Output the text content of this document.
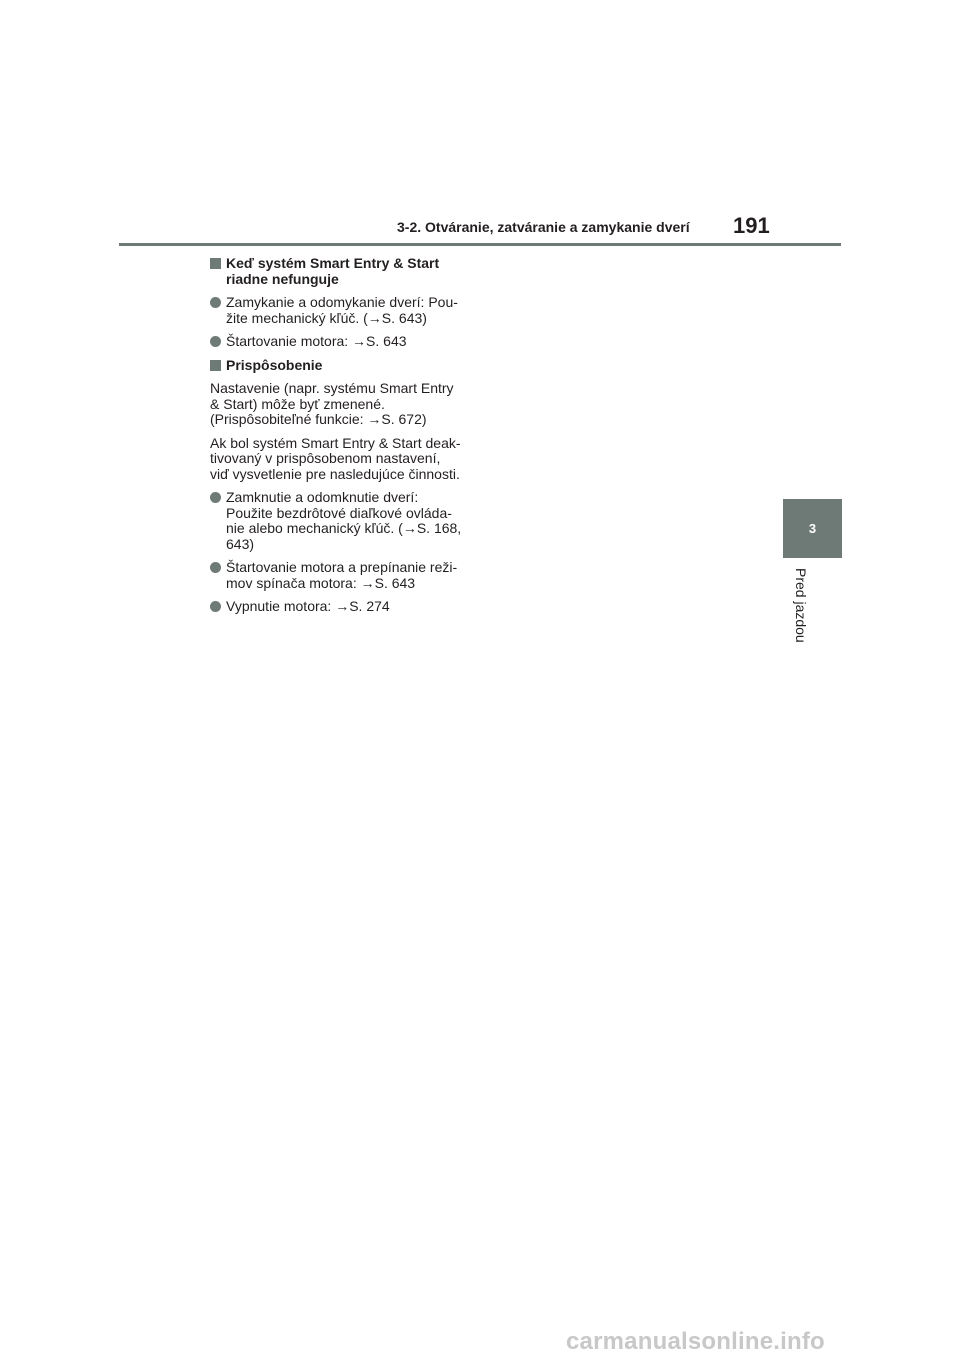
3-2. Otváranie, zatváranie a zamykanie dverí 191
3
Pred jazdou
Keď systém Smart Entry & Start
riadne nefunguje
Zamykanie a odomykanie dverí: Pou-
žite mechanický kľúč. (→S. 643)
Štartovanie motora: →S. 643
Prispôsobenie
Nastavenie (napr. systému Smart Entry
& Start) môže byť zmenené.
(Prispôsobiteľné funkcie: →S. 672)
Ak bol systém Smart Entry & Start deak-
tivovaný v prispôsobenom nastavení,
viď vysvetlenie pre nasledujúce činnosti.
Zamknutie a odomknutie dverí:
Použite bezdrôtové diaľkové ovláda-
nie alebo mechanický kľúč. (→S. 168,
643)
Štartovanie motora a prepínanie reži-
mov spínača motora: →S. 643
Vypnutie motora: →S. 274
carmanualsonline.info
